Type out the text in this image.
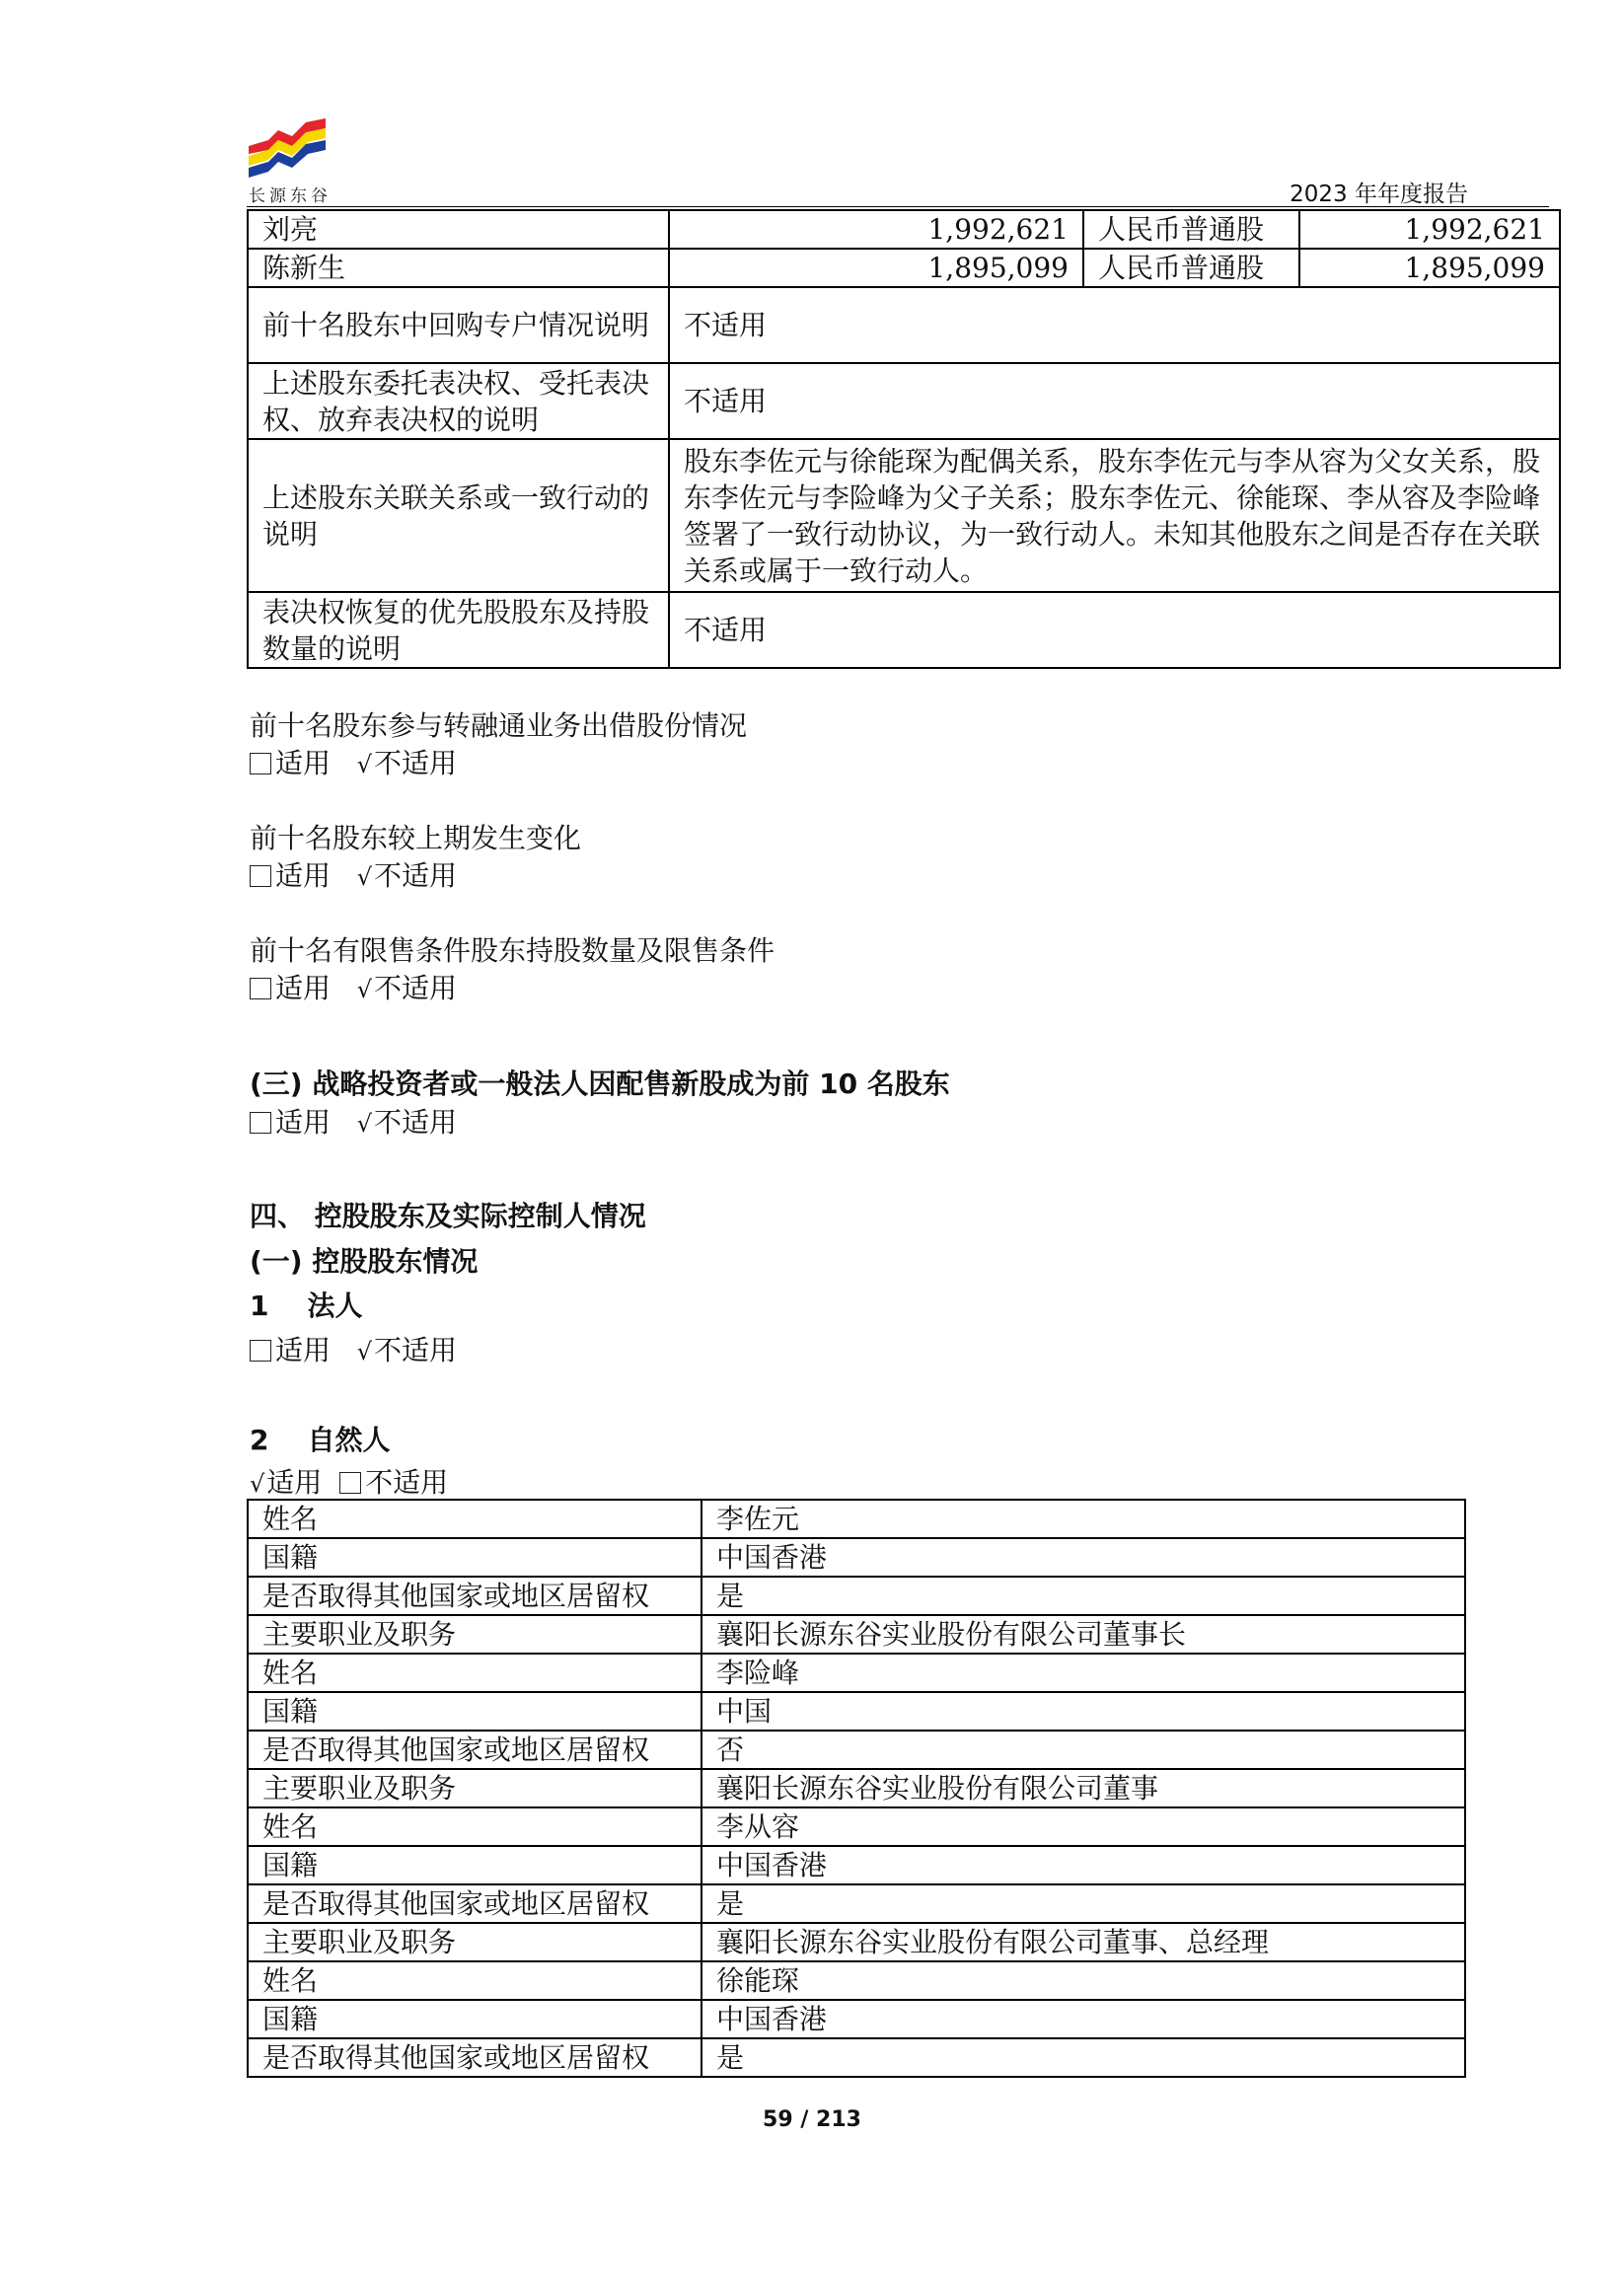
长源东谷	2023 年年度报告
刘亮	1,992,621	人民币普通股	1,992,621
陈新生	1,895,099	人民币普通股	1,895,099
前十名股东中回购专户情况说明	不适用		
上述股东委托表决权、受托表决权、放弃表决权的说明	不适用		
上述股东关联关系或一致行动的说明	股东李佐元与徐能琛为配偶关系，股东李佐元与李从容为父女关系，股东李佐元与李险峰为父子关系；股东李佐元、徐能琛、李从容及李险峰签署了一致行动协议，为一致行动人。未知其他股东之间是否存在关联关系或属于一致行动人。		
表决权恢复的优先股股东及持股数量的说明	不适用		
前十名股东参与转融通业务出借股份情况
适用 √不适用
前十名股东较上期发生变化
适用 √不适用
前十名有限售条件股东持股数量及限售条件
适用 √不适用
(三) 战略投资者或一般法人因配售新股成为前 10 名股东
适用 √不适用
四、 控股股东及实际控制人情况
(一) 控股股东情况
1    法人
适用 √不适用
2    自然人
√适用 不适用
姓名	李佐元
国籍	中国香港
是否取得其他国家或地区居留权	是
主要职业及职务	襄阳长源东谷实业股份有限公司董事长
姓名	李险峰
国籍	中国
是否取得其他国家或地区居留权	否
主要职业及职务	襄阳长源东谷实业股份有限公司董事
姓名	李从容
国籍	中国香港
是否取得其他国家或地区居留权	是
主要职业及职务	襄阳长源东谷实业股份有限公司董事、总经理
姓名	徐能琛
国籍	中国香港
是否取得其他国家或地区居留权	是
59 / 213
